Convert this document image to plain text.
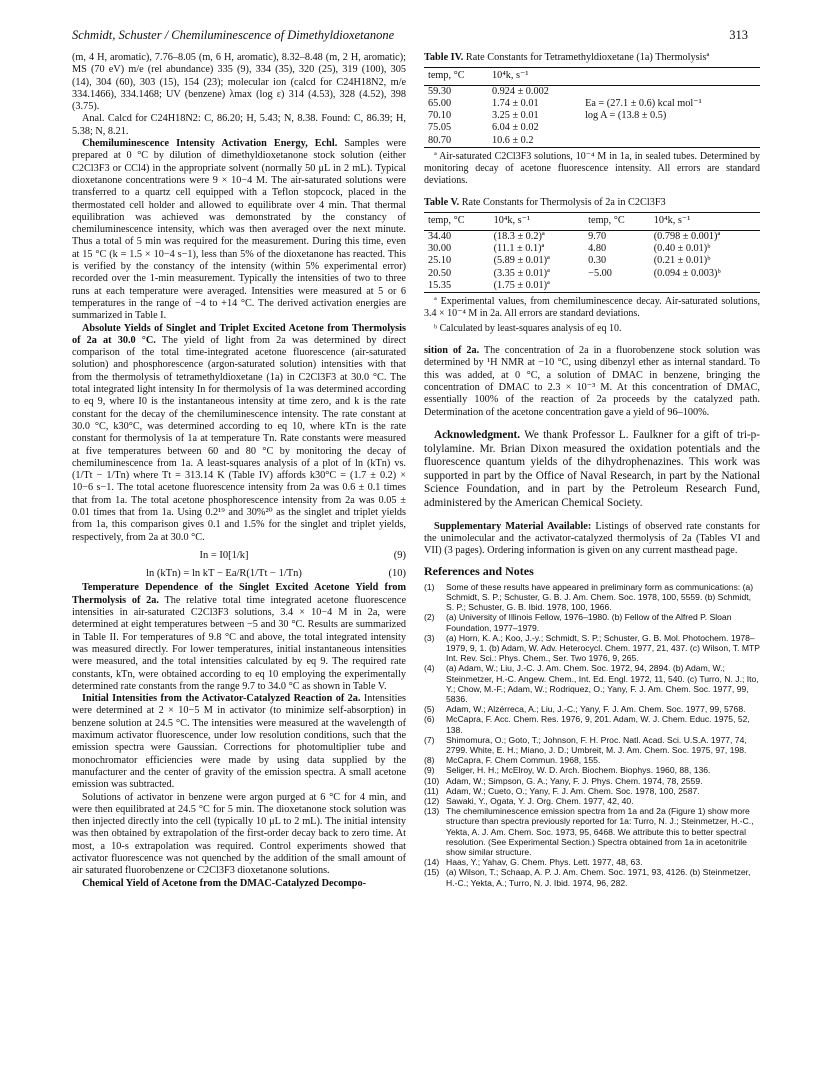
Schmidt, Schuster / Chemiluminescence of Dimethyldioxetanone	313

(m, 4 H, aromatic), 7.76–8.05 (m, 6 H, aromatic), 8.32–8.48 (m, 2 H, aromatic); MS (70 eV) m/e (rel abundance) 335 (9), 334 (35), 320 (25), 319 (100), 305 (14), 304 (60), 303 (15), 154 (23); molecular ion (calcd for C24H18N2, m/e 334.1466), 334.1468; UV (benzene) λmax (log ε) 314 (4.53), 328 (4.52), 398 (3.75).

Anal. Calcd for C24H18N2: C, 86.20; H, 5.43; N, 8.38. Found: C, 86.39; H, 5.38; N, 8.21.

Chemiluminescence Intensity Activation Energy, Echl. Samples were prepared at 0 °C by dilution of dimethyldioxetanone stock solution (either C2Cl3F3 or CCl4) in the appropriate solvent (normally 50 μL in 2 mL). Typical dioxetanone concentrations were 9 × 10−4 M. The air-saturated solutions were transferred to a quartz cell equipped with a Teflon stopcock, placed in the thermostated cell holder and allowed to equilibrate over 4 min. That thermal equilibration was achieved was demonstrated by the constancy of chemiluminescence intensity, which was then averaged over the next minute. Thus a total of 5 min was required for the measurement. During this time, even at 15 °C (k = 1.5 × 10−4 s−1), less than 5% of the dioxetanone has reacted. This is verified by the constancy of the intensity (within 5% experimental error) recorded over the 1-min measurement. Typically the intensities of two to three runs at each temperature were averaged. Intensities were measured at 5 or 6 temperatures in the range of −4 to +14 °C. The derived activation energies are summarized in Table I.

Absolute Yields of Singlet and Triplet Excited Acetone from Thermolysis of 2a at 30.0 °C. The yield of light from 2a was determined by direct comparison of the total time-integrated acetone fluorescence (air-saturated solution) and phosphorescence (argon-saturated solution) intensities with that from the thermolysis of tetramethyldioxetane (1a) in C2Cl3F3 at 30.0 °C. The total integrated light intensity In for thermolysis of 1a was determined according to eq 9, where I0 is the instantaneous intensity at time zero, and k is the rate constant for the decay of the chemiluminescence intensity. The rate constant at 30.0 °C, k30°C, was determined according to eq 10, where kTn is the rate constant for thermolysis of 1a at temperature Tn. Rate constants were measured at five temperatures between 60 and 80 °C by monitoring the decay of chemiluminescence from 1a. A least-squares analysis of a plot of ln (kTn) vs. (1/Tt − 1/Tn) where Tt = 313.14 K (Table IV) affords k30°C = (1.7 ± 0.2) × 10−6 s−1. The total acetone fluorescence intensity from 2a was 0.6 ± 0.1 times that from 1a. The total acetone phosphorescence intensity from 2a was 0.05 ± 0.01 times that from 1a. Using 0.2¹⁹ and 30%²⁰ as the singlet and triplet yields from 1a, this comparison gives 0.1 and 1.5% for the singlet and triplet yields, respectively, from 2a at 30.0 °C.

In = I0[1/k]	(9)
ln (kTn) = ln kT − Ea/R(1/Tt − 1/Tn)	(10)

Temperature Dependence of the Singlet Excited Acetone Yield from Thermolysis of 2a. The relative total time integrated acetone fluorescence intensities in air-saturated C2Cl3F3 solutions, 3.4 × 10−4 M in 2a, were determined at eight temperatures between −5 and 30 °C. Results are summarized in Table II. For temperatures of 9.8 °C and above, the total integrated intensity was measured directly. For lower temperatures, initial instantaneous intensities were measured, and the total intensities calculated by eq 9. The required rate constants, kTn, were obtained according to eq 10 employing the experimentally determined rate constants from the range 9.7 to 34.0 °C as shown in Table V.

Initial Intensities from the Activator-Catalyzed Reaction of 2a. Intensities were determined at 2 × 10−5 M in activator (to minimize self-absorption) in benzene solution at 24.5 °C. The intensities were measured at the wavelength of maximum activator fluorescence, under low resolution conditions, such that the emission spectra were Gaussian. Corrections for photomultiplier tube and monochromator efficiencies were made by using data supplied by the manufacturer and the center of gravity of the emission spectra. A small acetone emission was subtracted.

Solutions of activator in benzene were argon purged at 6 °C for 4 min, and were then equilibrated at 24.5 °C for 5 min. The dioxetanone stock solution was then injected directly into the cell (typically 10 μL to 2 mL). The initial intensity was then obtained by extrapolation of the first-order decay back to zero time. At most, a 10-s extrapolation was required. Control experiments showed that activator fluorescence was not quenched by the addition of the small amount of air saturated fluorobenzene or C2Cl3F3 dioxetanone solutions.

Chemical Yield of Acetone from the DMAC-Catalyzed Decompo-

Table IV. Rate Constants for Tetramethyldioxetane (1a) Thermolysisª
temp, °C	10⁴k, s⁻¹	
59.30	0.924 ± 0.002	
65.00	1.74 ± 0.01	Ea = (27.1 ± 0.6) kcal mol⁻¹
70.10	3.25 ± 0.01	log A = (13.8 ± 0.5)
75.05	6.04 ± 0.02	
80.70	10.6 ± 0.2	

ª Air-saturated C2Cl3F3 solutions, 10⁻⁴ M in 1a, in sealed tubes. Determined by monitoring decay of acetone fluorescence intensity. All errors are standard deviations.

Table V. Rate Constants for Thermolysis of 2a in C2Cl3F3
temp, °C	10⁴k, s⁻¹	temp, °C	10⁴k, s⁻¹
34.40	(18.3 ± 0.2)ª	9.70	(0.798 ± 0.001)ª
30.00	(11.1 ± 0.1)ª	4.80	(0.40 ± 0.01)ᵇ
25.10	(5.89 ± 0.01)ª	0.30	(0.21 ± 0.01)ᵇ
20.50	(3.35 ± 0.01)ª	−5.00	(0.094 ± 0.003)ᵇ
15.35	(1.75 ± 0.01)ª		

ª Experimental values, from chemiluminescence decay. Air-saturated solutions, 3.4 × 10⁻⁴ M in 2a. All errors are standard deviations.

ᵇ Calculated by least-squares analysis of eq 10.

sition of 2a. The concentration of 2a in a fluorobenzene stock solution was determined by ¹H NMR at −10 °C, using dibenzyl ether as internal standard. To this was added, at 0 °C, a solution of DMAC in benzene, bringing the concentration of DMAC to 2.3 × 10⁻³ M. At this concentration of DMAC, essentially 100% of the reaction of 2a proceeds by the catalyzed path. Determination of the acetone concentration gave a yield of 96–100%.

Acknowledgment. We thank Professor L. Faulkner for a gift of tri-p-tolylamine. Mr. Brian Dixon measured the oxidation potentials and the fluorescence quantum yields of the dihydrophenazines. This work was supported in part by the Office of Naval Research, in part by the National Science Foundation, and in part by the Petroleum Research Fund, administered by the American Chemical Society.

Supplementary Material Available: Listings of observed rate constants for the unimolecular and the activator-catalyzed thermolysis of 2a (Tables VI and VII) (3 pages). Ordering information is given on any current masthead page.

References and Notes
(1)	Some of these results have appeared in preliminary form as communications: (a) Schmidt, S. P.; Schuster, G. B. J. Am. Chem. Soc. 1978, 100, 5559. (b) Schmidt, S. P.; Schuster, G. B. Ibid. 1978, 100, 1966.
(2)	(a) University of Illinois Fellow, 1976–1980. (b) Fellow of the Alfred P. Sloan Foundation, 1977–1979.
(3)	(a) Horn, K. A.; Koo, J.-y.; Schmidt, S. P.; Schuster, G. B. Mol. Photochem. 1978–1979, 9, 1. (b) Adam, W. Adv. Heterocycl. Chem. 1977, 21, 437. (c) Wilson, T. MTP Int. Rev. Sci.: Phys. Chem., Ser. Two 1976, 9, 265.
(4)	(a) Adam, W.; Liu, J.-C. J. Am. Chem. Soc. 1972, 94, 2894. (b) Adam, W.; Steinmetzer, H.-C. Angew. Chem., Int. Ed. Engl. 1972, 11, 540. (c) Turro, N. J.; Ito, Y.; Chow, M.-F.; Adam, W.; Rodriquez, O.; Yany, F. J. Am. Chem. Soc. 1977, 99, 5836.
(5)	Adam, W.; Alzérreca, A.; Liu, J.-C.; Yany, F. J. Am. Chem. Soc. 1977, 99, 5768.
(6)	McCapra, F. Acc. Chem. Res. 1976, 9, 201. Adam, W. J. Chem. Educ. 1975, 52, 138.
(7)	Shimomura, O.; Goto, T.; Johnson, F. H. Proc. Natl. Acad. Sci. U.S.A. 1977, 74, 2799. White, E. H.; Miano, J. D.; Umbreit, M. J. Am. Chem. Soc. 1975, 97, 198.
(8)	McCapra, F. Chem Commun. 1968, 155.
(9)	Seliger, H. H.; McElroy, W. D. Arch. Biochem. Biophys. 1960, 88, 136.
(10) Adam, W.; Simpson, G. A.; Yany, F. J. Phys. Chem. 1974, 78, 2559.
(11) Adam, W.; Cueto, O.; Yany, F. J. Am. Chem. Soc. 1978, 100, 2587.
(12) Sawaki, Y., Ogata, Y. J. Org. Chem. 1977, 42, 40.
(13) The chemiluminescence emission spectra from 1a and 2a (Figure 1) show more structure than spectra previously reported for 1a: Turro, N. J.; Steinmetzer, H.-C., Yekta, A. J. Am. Chem. Soc. 1973, 95, 6468. We attribute this to better spectral resolution. (See Experimental Section.) Spectra obtained from 1a in acetonitrile show similar structure.
(14) Haas, Y.; Yahav, G. Chem. Phys. Lett. 1977, 48, 63.
(15) (a) Wilson, T.; Schaap, A. P. J. Am. Chem. Soc. 1971, 93, 4126. (b) Steinmetzer, H.-C.; Yekta, A.; Turro, N. J. Ibid. 1974, 96, 282.
